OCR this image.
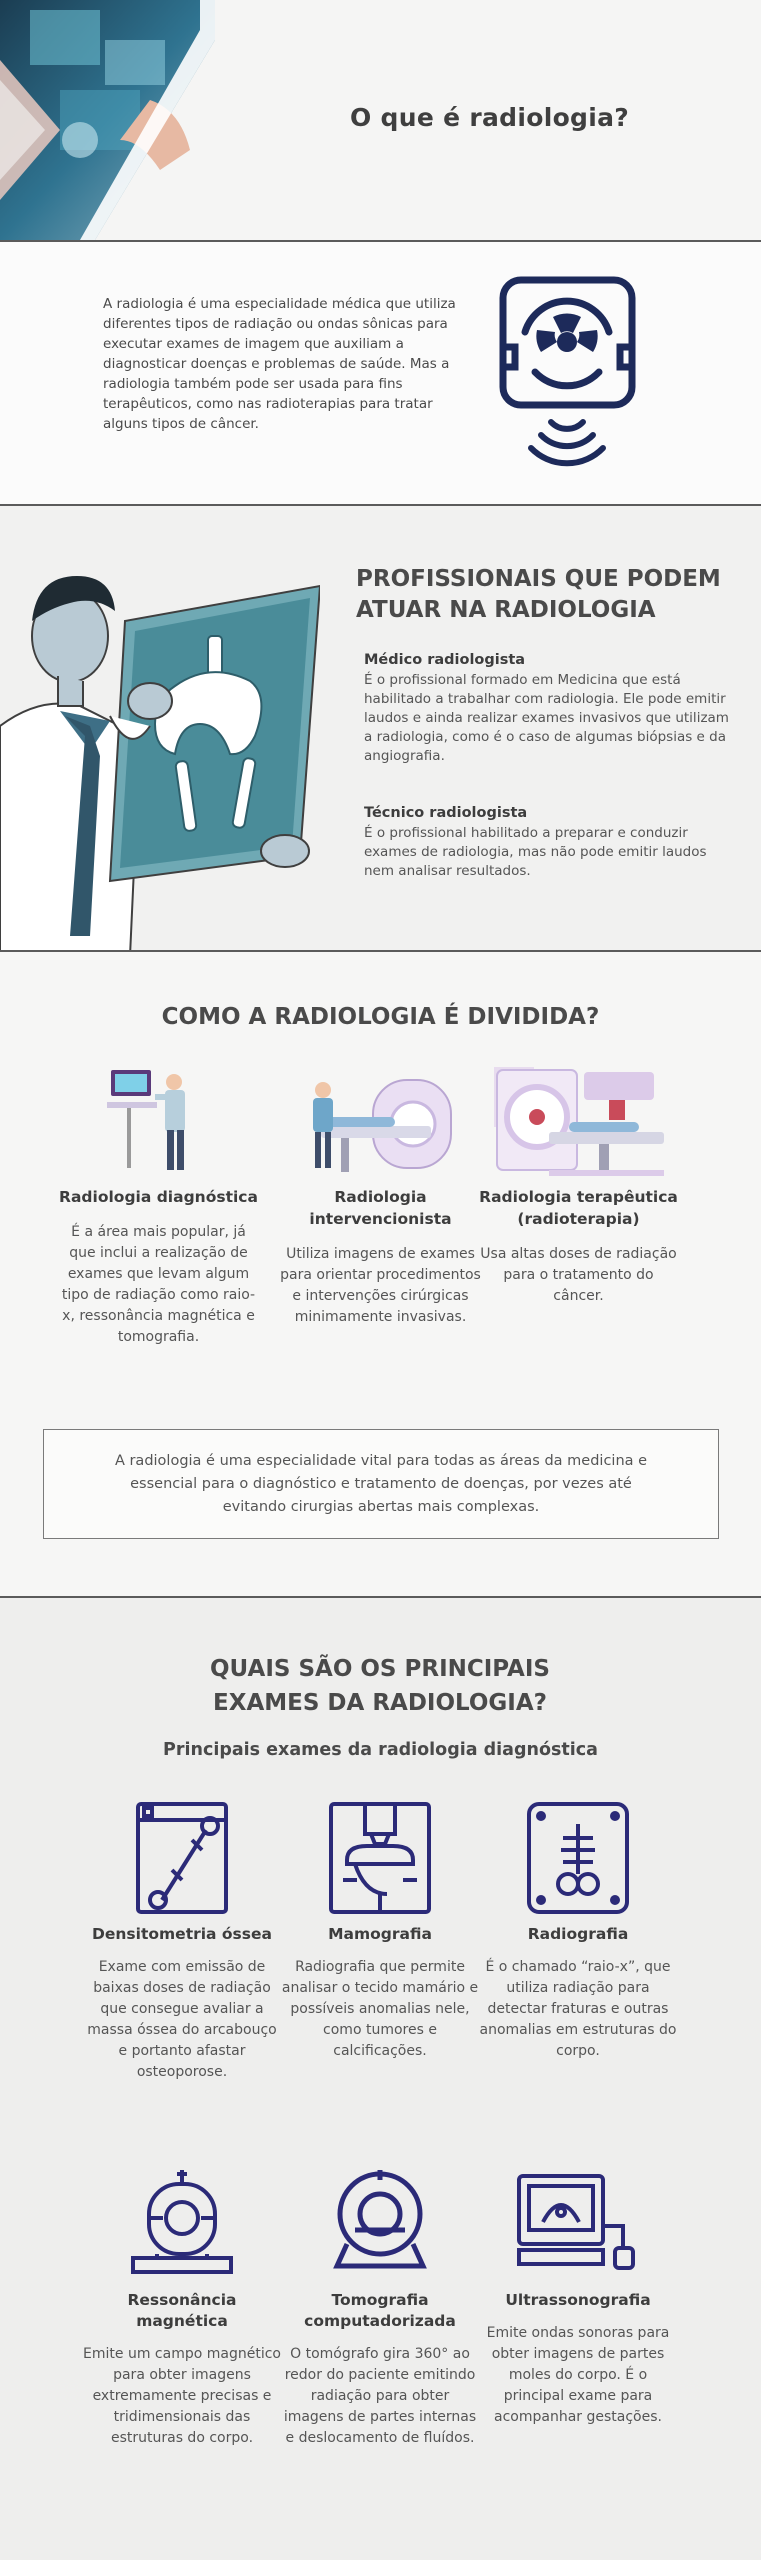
O que é radiologia?

A radiologia é uma especialidade médica que utiliza diferentes tipos de radiação ou ondas sônicas para executar exames de imagem que auxiliam a diagnosticar doenças e problemas de saúde. Mas a radiologia também pode ser usada para fins terapêuticos, como nas radioterapias para tratar alguns tipos de câncer.

PROFISSIONAIS QUE PODEM ATUAR NA RADIOLOGIA
Médico radiologista

É o profissional formado em Medicina que está habilitado a trabalhar com radiologia. Ele pode emitir laudos e ainda realizar exames invasivos que utilizam a radiologia, como é o caso de algumas biópsias e da angiografia.

Técnico radiologista

É o profissional habilitado a preparar e conduzir exames de radiologia, mas não pode emitir laudos nem analisar resultados.

COMO A RADIOLOGIA É DIVIDIDA?
Radiologia diagnóstica

É a área mais popular, já que inclui a realização de exames que levam algum tipo de radiação como raio-x, ressonância magnética e tomografia.

Radiologia intervencionista

Utiliza imagens de exames para orientar procedimentos e intervenções cirúrgicas minimamente invasivas.

Radiologia terapêutica (radioterapia)

Usa altas doses de radiação para o tratamento do câncer.

A radiologia é uma especialidade vital para todas as áreas da medicina e essencial para o diagnóstico e tratamento de doenças, por vezes até evitando cirurgias abertas mais complexas.
QUAIS SÃO OS PRINCIPAIS EXAMES DA RADIOLOGIA?
Principais exames da radiologia diagnóstica
Densitometria óssea

Exame com emissão de baixas doses de radiação que consegue avaliar a massa óssea do arcabouço e portanto afastar osteoporose.

Mamografia

Radiografia que permite analisar o tecido mamário e possíveis anomalias nele, como tumores e calcificações.

Radiografia

É o chamado “raio-x”, que utiliza radiação para detectar fraturas e outras anomalias em estruturas do corpo.

Ressonância magnética

Emite um campo magnético para obter imagens extremamente precisas e tridimensionais das estruturas do corpo.

Tomografia computadorizada

O tomógrafo gira 360° ao redor do paciente emitindo radiação para obter imagens de partes internas e deslocamento de fluídos.

Ultrassonografia

Emite ondas sonoras para obter imagens de partes moles do corpo. É o principal exame para acompanhar gestações.
